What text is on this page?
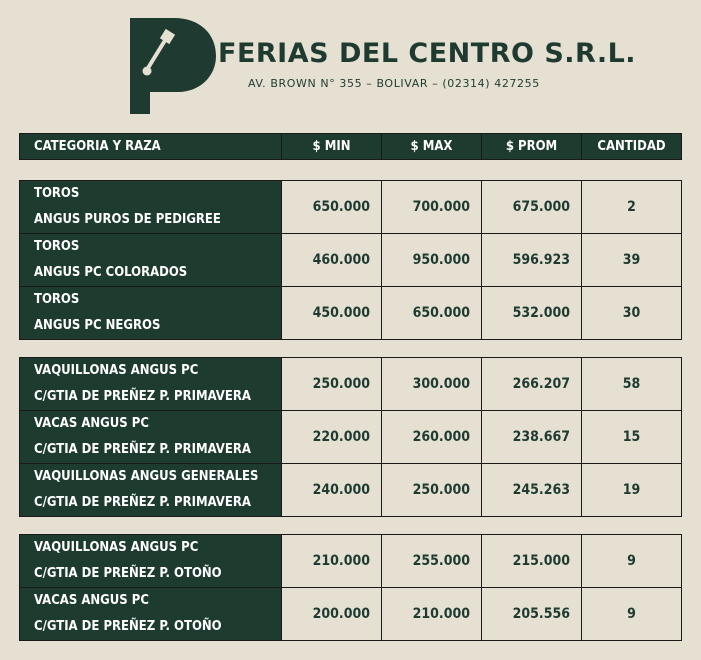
FERIAS DEL CENTRO S.R.L.
AV. BROWN N° 355 – BOLIVAR – (02314) 427255
CATEGORIA Y RAZA	$ MIN	$ MAX	$ PROM	CANTIDAD
TOROS
ANGUS PUROS DE PEDIGREE	650.000	700.000	675.000	2

TOROS
ANGUS PC COLORADOS	460.000	950.000	596.923	39

TOROS
ANGUS PC NEGROS	450.000	650.000	532.000	30
VAQUILLONAS ANGUS PC
C/GTIA DE PREÑEZ P. PRIMAVERA	250.000	300.000	266.207	58

VACAS ANGUS PC
C/GTIA DE PREÑEZ P. PRIMAVERA	220.000	260.000	238.667	15

VAQUILLONAS ANGUS GENERALES
C/GTIA DE PREÑEZ P. PRIMAVERA	240.000	250.000	245.263	19
VAQUILLONAS ANGUS PC
C/GTIA DE PREÑEZ P. OTOÑO	210.000	255.000	215.000	9

VACAS ANGUS PC
C/GTIA DE PREÑEZ P. OTOÑO	200.000	210.000	205.556	9
